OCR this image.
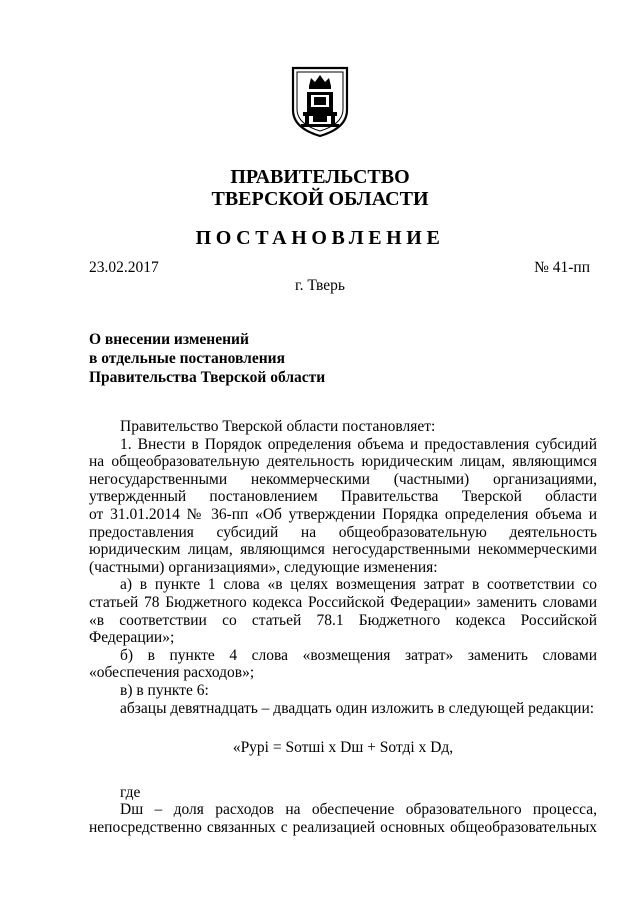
ПРАВИТЕЛЬСТВО
ТВЕРСКОЙ ОБЛАСТИ
ПОСТАНОВЛЕНИЕ
23.02.2017	№ 41-пп
г. Тверь
О внесении изменений
в отдельные постановления
Правительства Тверской области
Правительство Тверской области постановляет:
1. Внести в Порядок определения объема и предоставления субсидий
на общеобразовательную деятельность юридическим лицам, являющимся
негосударственными некоммерческими (частными) организациями,
утвержденный постановлением Правительства Тверской области
от 31.01.2014 № 36-пп «Об утверждении Порядка определения объема и
предоставления субсидий на общеобразовательную деятельность
юридическим лицам, являющимся негосударственными некоммерческими
(частными) организациями», следующие изменения:
а) в пункте 1 слова «в целях возмещения затрат в соответствии со
статьей 78 Бюджетного кодекса Российской Федерации» заменить словами
«в соответствии со статьей 78.1 Бюджетного кодекса Российской
Федерации»;
б) в пункте 4 слова «возмещения затрат» заменить словами
«обеспечения расходов»;
в) в пункте 6:
абзацы девятнадцать – двадцать один изложить в следующей редакции:
«Pypi = Sотшi x Dш + Sотдi x Dд,
где
Dш – доля расходов на обеспечение образовательного процесса,
непосредственно связанных с реализацией основных общеобразовательных
